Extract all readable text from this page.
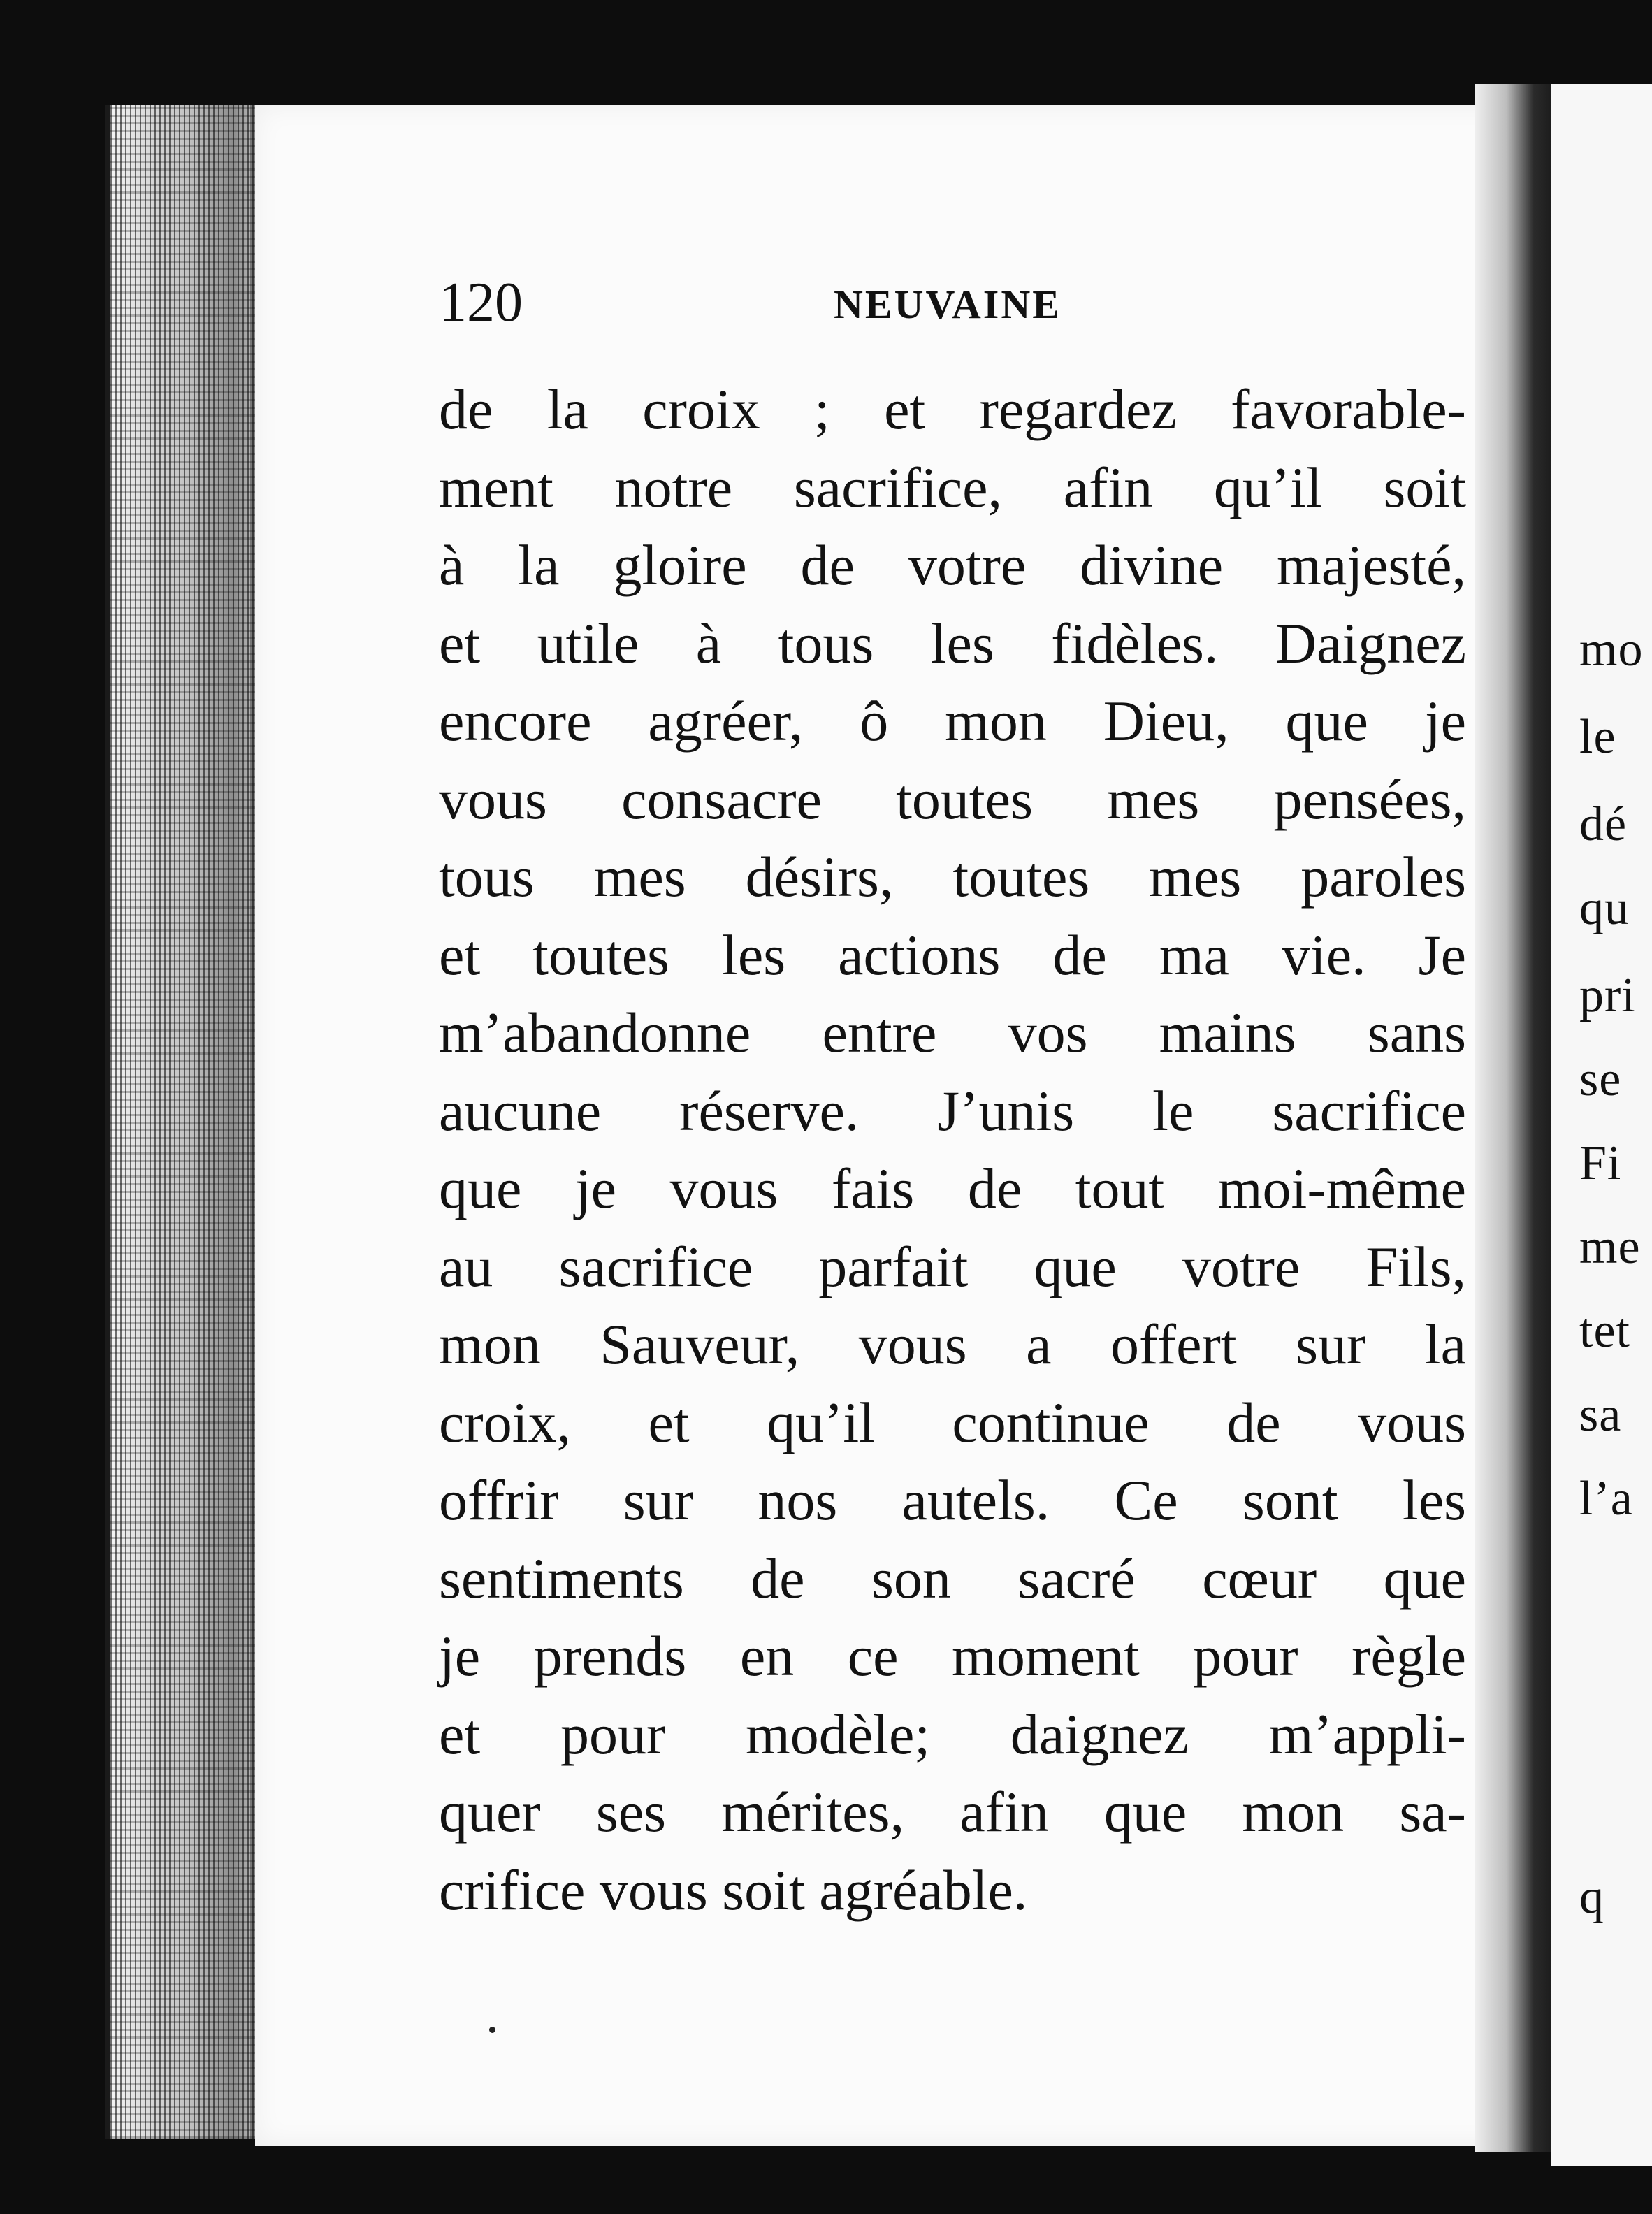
mo
le
dé
qu
pri
se
Fi
me
tet
sa
l’a
q
120	NEUVAINE
de la croix ; et regardez favorable-
ment notre sacrifice, afin qu’il soit
à la gloire de votre divine majesté,
et utile à tous les fidèles. Daignez
encore agréer, ô mon Dieu, que je
vous consacre toutes mes pensées,
tous mes désirs, toutes mes paroles
et toutes les actions de ma vie. Je
m’abandonne entre vos mains sans
aucune réserve. J’unis le sacrifice
que je vous fais de tout moi-même
au sacrifice parfait que votre Fils,
mon Sauveur, vous a offert sur la
croix, et qu’il continue de vous
offrir sur nos autels. Ce sont les
sentiments de son sacré cœur que
je prends en ce moment pour règle
et pour modèle; daignez m’appli-
quer ses mérites, afin que mon sa-
crifice vous soit agréable.
